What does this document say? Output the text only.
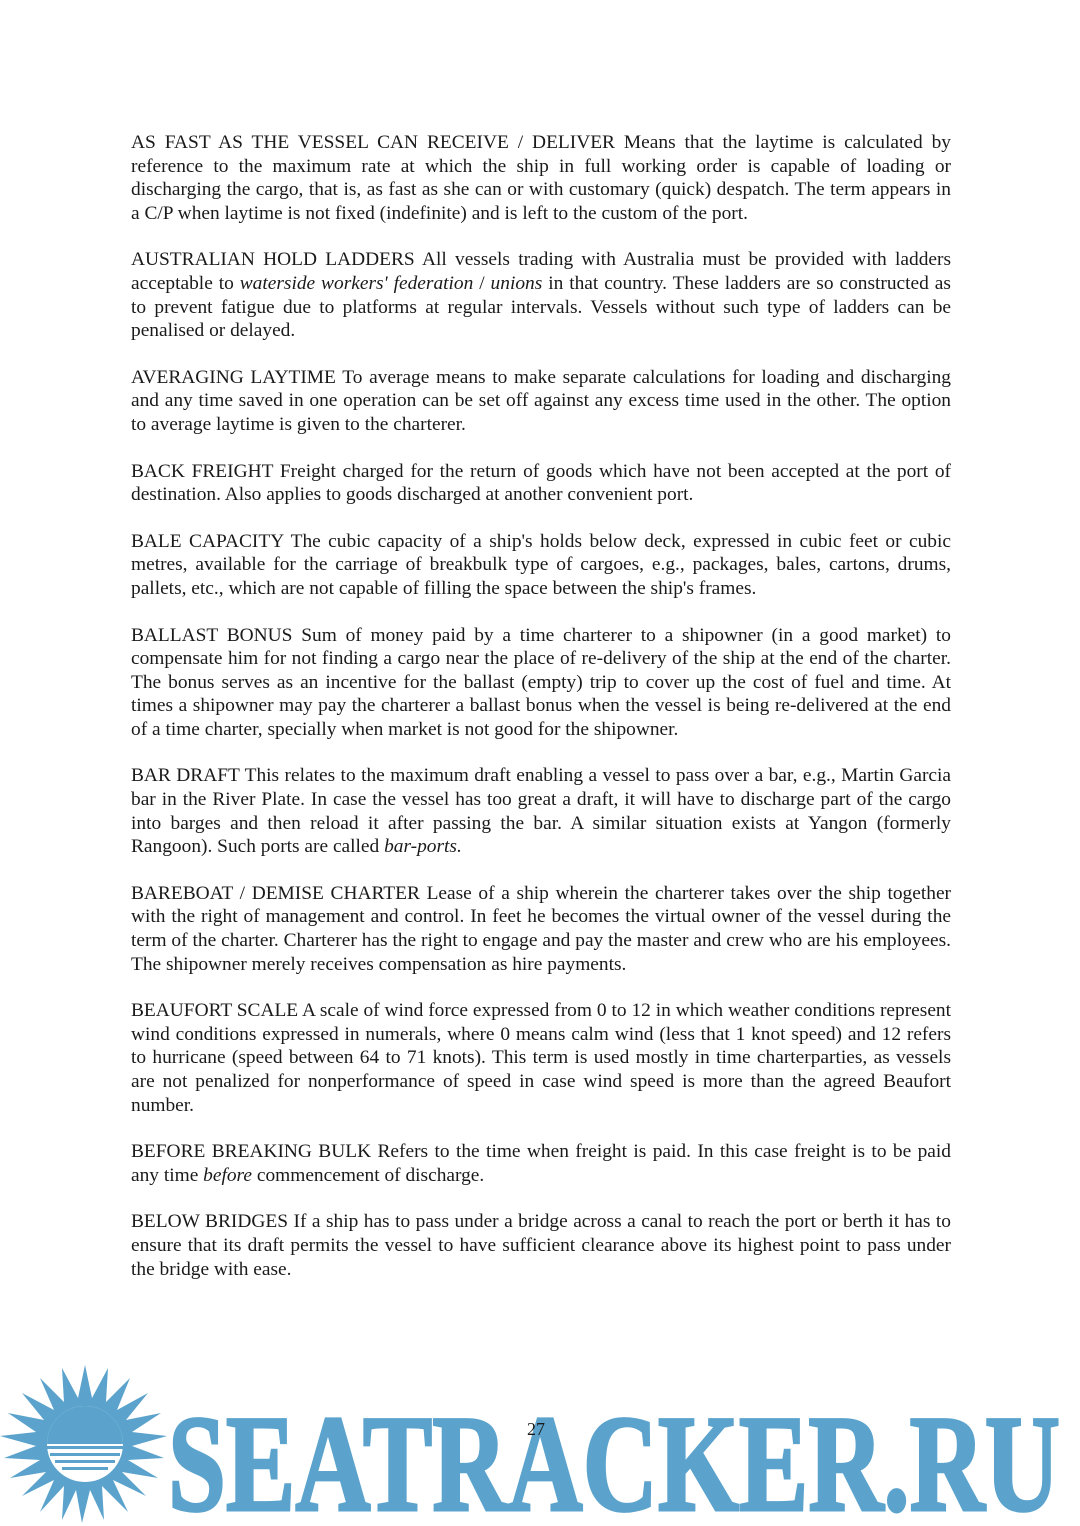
AS FAST AS THE VESSEL CAN RECEIVE / DELIVER Means that the laytime is calculated by reference to the maximum rate at which the ship in full working order is capable of loading or discharging the cargo, that is, as fast as she can or with customary (quick) despatch. The term appears in a C/P when laytime is not fixed (indefinite) and is left to the custom of the port.

AUSTRALIAN HOLD LADDERS All vessels trading with Australia must be provided with ladders acceptable to waterside workers' federation / unions in that country. These ladders are so constructed as to prevent fatigue due to platforms at regular intervals. Vessels without such type of ladders can be penalised or delayed.

AVERAGING LAYTIME To average means to make separate calculations for loading and discharging and any time saved in one operation can be set off against any excess time used in the other. The option to average laytime is given to the charterer.

BACK FREIGHT Freight charged for the return of goods which have not been accepted at the port of destination. Also applies to goods discharged at another convenient port.

BALE CAPACITY The cubic capacity of a ship's holds below deck, expressed in cubic feet or cubic metres, available for the carriage of breakbulk type of cargoes, e.g., packages, bales, cartons, drums, pallets, etc., which are not capable of filling the space between the ship's frames.

BALLAST BONUS Sum of money paid by a time charterer to a shipowner (in a good market) to compensate him for not finding a cargo near the place of re-delivery of the ship at the end of the charter. The bonus serves as an incentive for the ballast (empty) trip to cover up the cost of fuel and time. At times a shipowner may pay the charterer a ballast bonus when the vessel is being re-delivered at the end of a time charter, specially when market is not good for the shipowner.

BAR DRAFT This relates to the maximum draft enabling a vessel to pass over a bar, e.g., Martin Garcia bar in the River Plate. In case the vessel has too great a draft, it will have to discharge part of the cargo into barges and then reload it after passing the bar. A similar situation exists at Yangon (formerly Rangoon). Such ports are called bar-ports.

BAREBOAT / DEMISE CHARTER Lease of a ship wherein the charterer takes over the ship together with the right of management and control. In feet he becomes the virtual owner of the vessel during the term of the charter. Charterer has the right to engage and pay the master and crew who are his employees. The shipowner merely receives compensation as hire payments.

BEAUFORT SCALE A scale of wind force expressed from 0 to 12 in which weather conditions represent wind conditions expressed in numerals, where 0 means calm wind (less that 1 knot speed) and 12 refers to hurricane (speed between 64 to 71 knots). This term is used mostly in time charterparties, as vessels are not penalized for nonperformance of speed in case wind speed is more than the agreed Beaufort number.

BEFORE BREAKING BULK Refers to the time when freight is paid. In this case freight is to be paid any time before commencement of discharge.

BELOW BRIDGES If a ship has to pass under a bridge across a canal to reach the port or berth it has to ensure that its draft permits the vessel to have sufficient clearance above its highest point to pass under the bridge with ease.

SEATRACKER.RU
27
